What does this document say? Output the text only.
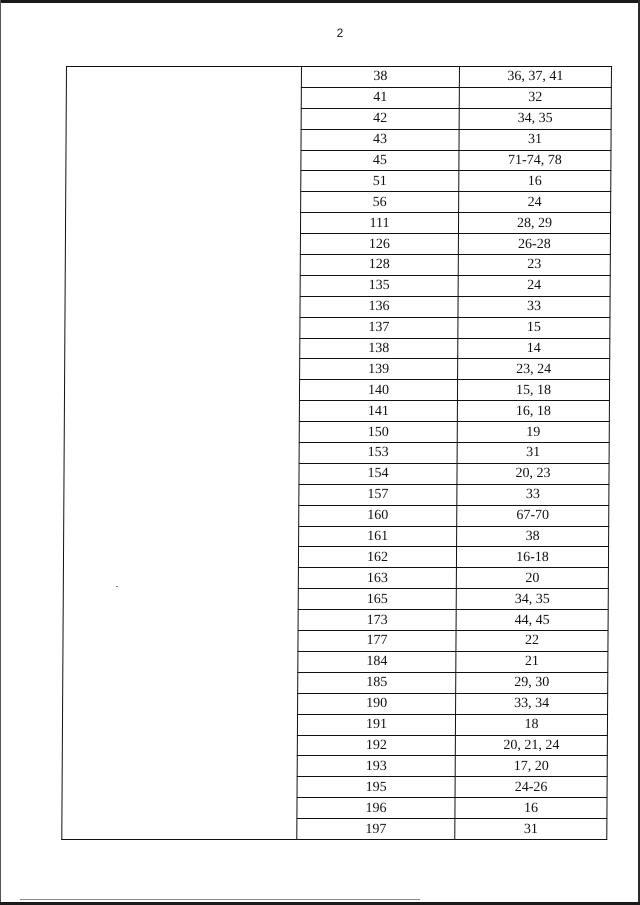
2
	38	36, 37, 41
	41	32
	42	34, 35
	43	31
	45	71-74, 78
	51	16
	56	24
	111	28, 29
	126	26-28
	128	23
	135	24
	136	33
	137	15
	138	14
	139	23, 24
	140	15, 18
	141	16, 18
	150	19
	153	31
	154	20, 23
	157	33
	160	67-70
	161	38
	162	16-18
	163	20
	165	34, 35
	173	44, 45
	177	22
	184	21
	185	29, 30
	190	33, 34
	191	18
	192	20, 21, 24
	193	17, 20
	195	24-26
	196	16
	197	31
